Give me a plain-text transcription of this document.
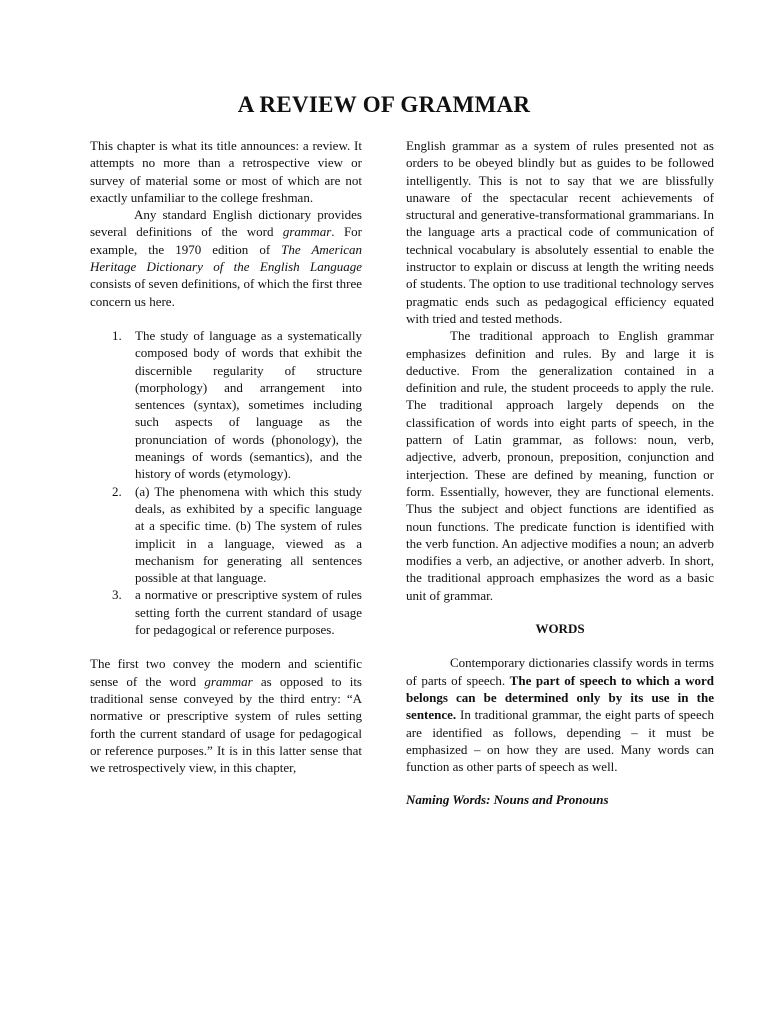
A REVIEW OF GRAMMAR

This chapter is what its title announces: a review. It attempts no more than a retrospective view or survey of material some or most of which are not exactly unfamiliar to the college freshman.

Any standard English dictionary provides several definitions of the word grammar. For example, the 1970 edition of The American Heritage Dictionary of the English Language consists of seven definitions, of which the first three concern us here.

1. The study of language as a systematically composed body of words that exhibit the discernible regularity of structure (morphology) and arrangement into sentences (syntax), sometimes including such aspects of language as the pronunciation of words (phonology), the meanings of words (semantics), and the history of words (etymology).
2. (a) The phenomena with which this study deals, as exhibited by a specific language at a specific time. (b) The system of rules implicit in a language, viewed as a mechanism for generating all sentences possible at that language.
3. a normative or prescriptive system of rules setting forth the current standard of usage for pedagogical or reference purposes.

The first two convey the modern and scientific sense of the word grammar as opposed to its traditional sense conveyed by the third entry: “A normative or prescriptive system of rules setting forth the current standard of usage for pedagogical or reference purposes.” It is in this latter sense that we retrospectively view, in this chapter,

English grammar as a system of rules presented not as orders to be obeyed blindly but as guides to be followed intelligently. This is not to say that we are blissfully unaware of the spectacular recent achievements of structural and generative-transformational grammarians. In the language arts a practical code of communication of technical vocabulary is absolutely essential to enable the instructor to explain or discuss at length the writing needs of students. The option to use traditional technology serves pragmatic ends such as pedagogical efficiency equated with tried and tested methods.

The traditional approach to English grammar emphasizes definition and rules. By and large it is deductive. From the generalization contained in a definition and rule, the student proceeds to apply the rule. The traditional approach largely depends on the classification of words into eight parts of speech, in the pattern of Latin grammar, as follows: noun, verb, adjective, adverb, pronoun, preposition, conjunction and interjection. These are defined by meaning, function or form. Essentially, however, they are functional elements. Thus the subject and object functions are identified as noun functions. The predicate function is identified with the verb function. An adjective modifies a noun; an adverb modifies a verb, an adjective, or another adverb. In short, the traditional approach emphasizes the word as a basic unit of grammar.

WORDS

Contemporary dictionaries classify words in terms of parts of speech. The part of speech to which a word belongs can be determined only by its use in the sentence. In traditional grammar, the eight parts of speech are identified as follows, depending – it must be emphasized – on how they are used. Many words can function as other parts of speech as well.

Naming Words: Nouns and Pronouns
